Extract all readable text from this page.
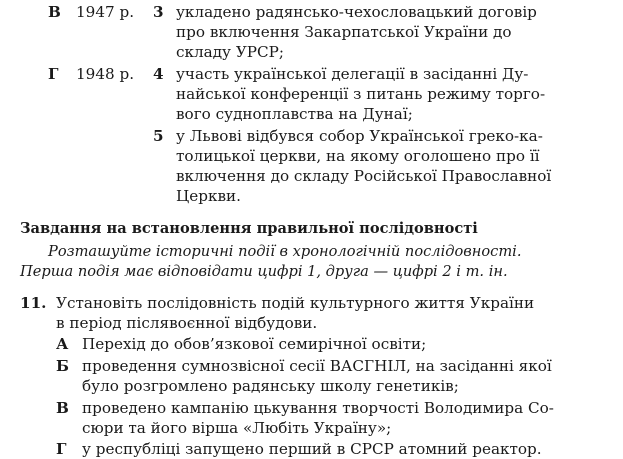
В 1947 р.
Г 1948 р.
3 укладено радянсько-чехословацький договір
про включення Закарпатської України до
складу УРСР;
4 участь української делегації в засіданні Ду-
найської конференції з питань режиму торго-
вого судноплавства на Дунаї;
5 у Львові відбувся собор Української греко-ка-
толицької церкви, на якому оголошено про її
включення до складу Російської Православної
Церкви.
Завдання на встановлення правильної послідовності
Розташуйте історичні події в хронологічній послідовності.
Перша подія має відповідати цифрі 1, друга — цифрі 2 і т. ін.
11. Установіть послідовність подій культурного життя України
в період післявоєнної відбудови.
А Перехід до обов’язкової семирічної освіти;
Б проведення сумнозвісної сесії ВАСГНІЛ, на засіданні якої
було розгромлено радянську школу генетиків;
В проведено кампанію цькування творчості Володимира Со-
сюри та його вірша «Любіть Україну»;
Г у республіці запущено перший в СРСР атомний реактор.
